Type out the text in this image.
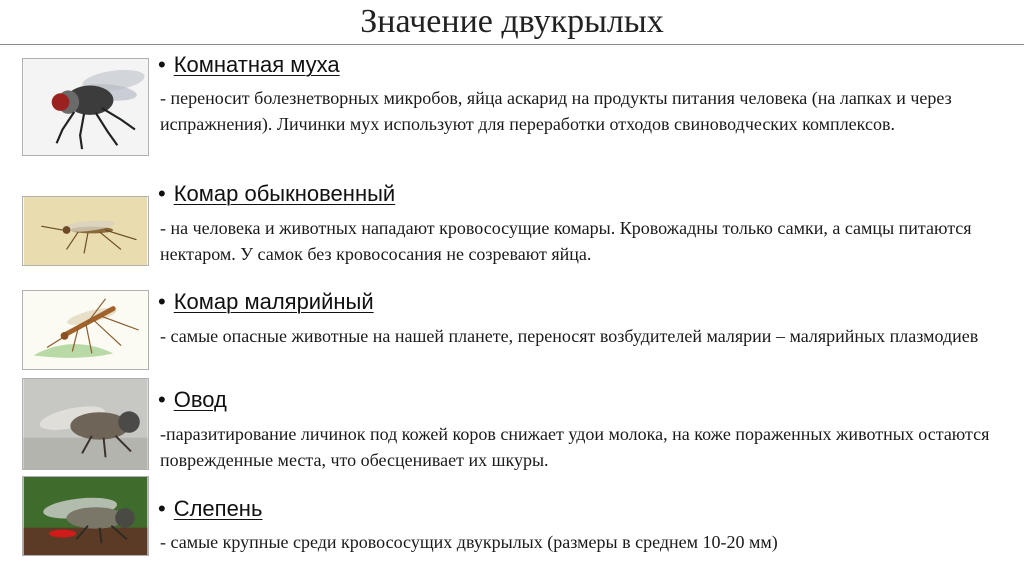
Значение двукрылых
• Комнатная муха
- переносит болезнетворных микробов, яйца аскарид на продукты питания человека (на лапках и через испражнения). Личинки мух используют для переработки отходов свиноводческих комплексов.
• Комар обыкновенный
- на человека и животных нападают кровососущие комары. Кровожадны только самки, а самцы питаются нектаром. У самок без кровососания не созревают яйца.
• Комар малярийный
- самые опасные животные на нашей планете, переносят возбудителей малярии – малярийных плазмодиев
• Овод
-паразитирование личинок под кожей коров снижает удои молока, на коже пораженных животных остаются поврежденные места, что обесценивает их шкуры.
• Слепень
- самые крупные среди кровососущих двукрылых (размеры в среднем 10-20 мм)
